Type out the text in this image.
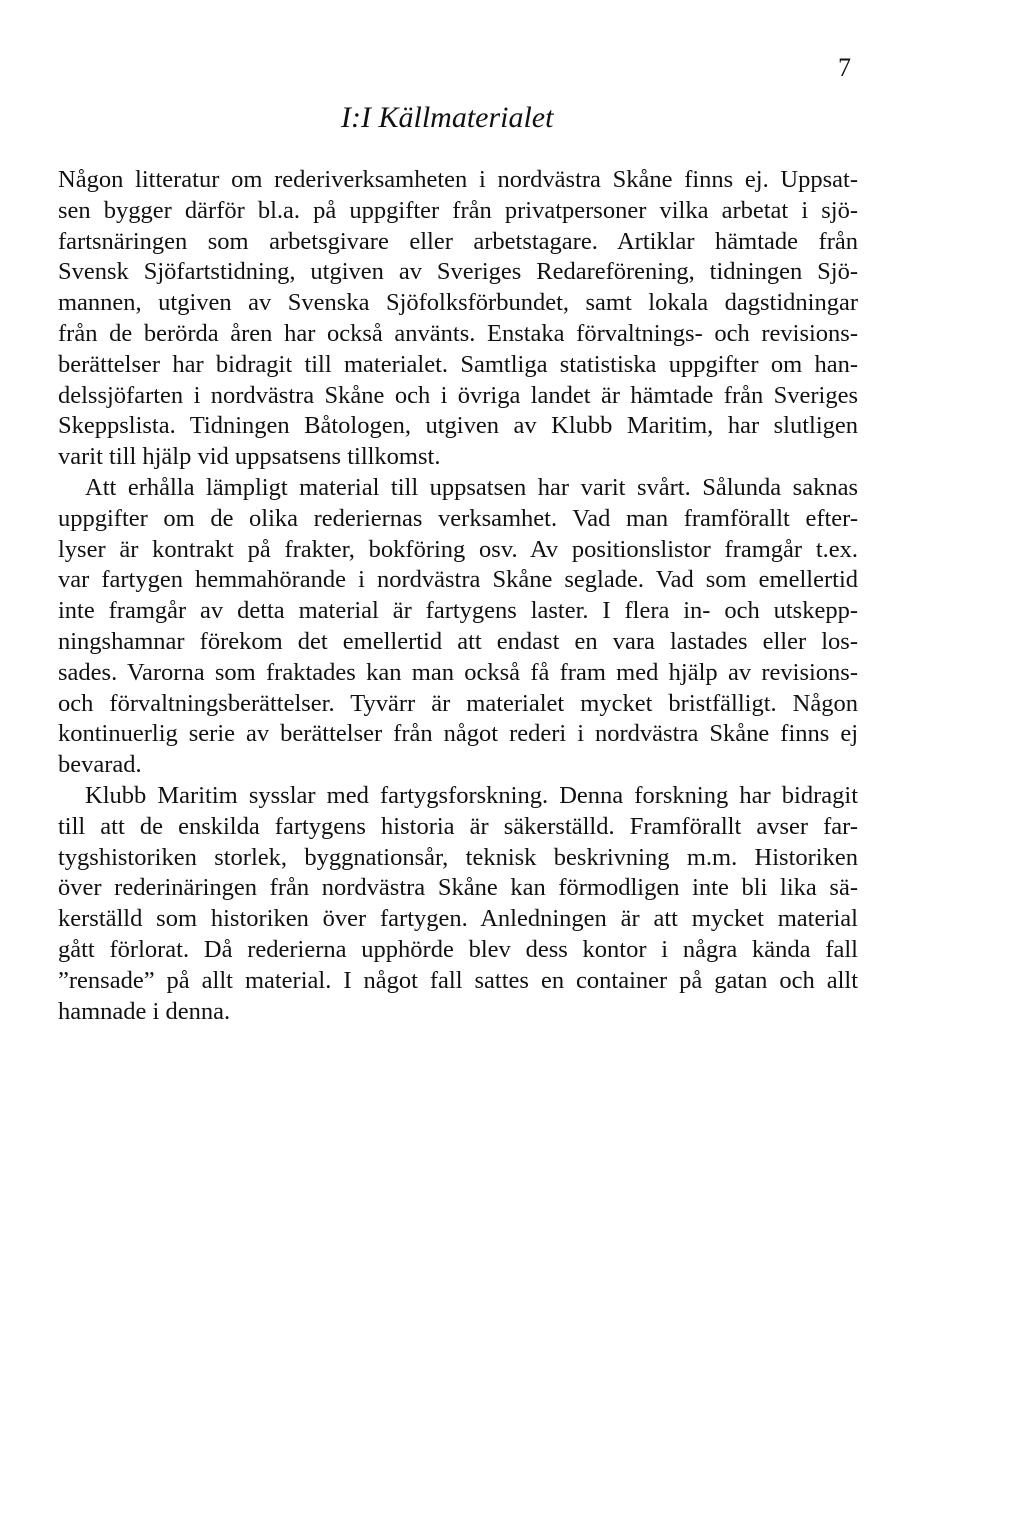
7
I:I Källmaterialet

Någon litteratur om rederiverksamheten i nordvästra Skåne finns ej. Uppsat-
sen bygger därför bl.a. på uppgifter från privatpersoner vilka arbetat i sjö-
fartsnäringen som arbetsgivare eller arbetstagare. Artiklar hämtade från
Svensk Sjöfartstidning, utgiven av Sveriges Redareförening, tidningen Sjö-
mannen, utgiven av Svenska Sjöfolksförbundet, samt lokala dagstidningar
från de berörda åren har också använts. Enstaka förvaltnings- och revisions-
berättelser har bidragit till materialet. Samtliga statistiska uppgifter om han-
delssjöfarten i nordvästra Skåne och i övriga landet är hämtade från Sveriges
Skeppslista. Tidningen Båtologen, utgiven av Klubb Maritim, har slutligen
varit till hjälp vid uppsatsens tillkomst.

Att erhålla lämpligt material till uppsatsen har varit svårt. Sålunda saknas
uppgifter om de olika rederiernas verksamhet. Vad man framförallt efter-
lyser är kontrakt på frakter, bokföring osv. Av positionslistor framgår t.ex.
var fartygen hemmahörande i nordvästra Skåne seglade. Vad som emellertid
inte framgår av detta material är fartygens laster. I flera in- och utskepp-
ningshamnar förekom det emellertid att endast en vara lastades eller los-
sades. Varorna som fraktades kan man också få fram med hjälp av revisions-
och förvaltningsberättelser. Tyvärr är materialet mycket bristfälligt. Någon
kontinuerlig serie av berättelser från något rederi i nordvästra Skåne finns ej
bevarad.

Klubb Maritim sysslar med fartygsforskning. Denna forskning har bidragit
till att de enskilda fartygens historia är säkerställd. Framförallt avser far-
tygshistoriken storlek, byggnationsår, teknisk beskrivning m.m. Historiken
över rederinäringen från nordvästra Skåne kan förmodligen inte bli lika sä-
kerställd som historiken över fartygen. Anledningen är att mycket material
gått förlorat. Då rederierna upphörde blev dess kontor i några kända fall
”rensade” på allt material. I något fall sattes en container på gatan och allt
hamnade i denna.
